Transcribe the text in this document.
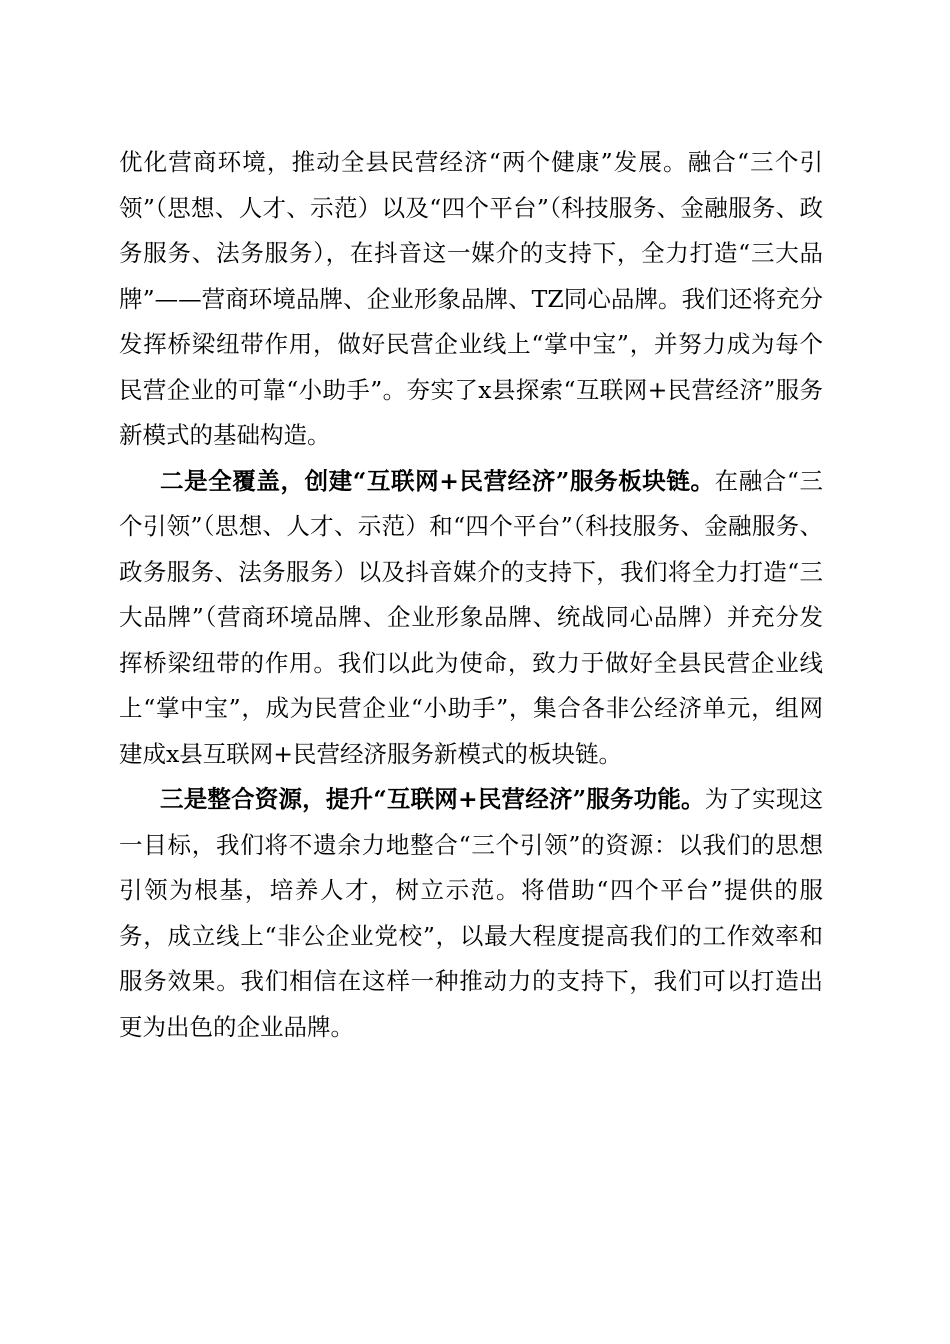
优化营商环境，推动全县民营经济“两个健康”发展。融合“三个引领”（思想、人才、示范）以及“四个平台”（科技服务、金融服务、政务服务、法务服务），在抖音这一媒介的支持下，全力打造“三大品牌”——营商环境品牌、企业形象品牌、TZ同心品牌。我们还将充分发挥桥梁纽带作用，做好民营企业线上“掌中宝”，并努力成为每个民营企业的可靠“小助手”。夯实了x县探索“互联网+民营经济”服务新模式的基础构造。

二是全覆盖，创建“互联网+民营经济”服务板块链。在融合“三个引领”（思想、人才、示范）和“四个平台”（科技服务、金融服务、政务服务、法务服务）以及抖音媒介的支持下，我们将全力打造“三大品牌”（营商环境品牌、企业形象品牌、统战同心品牌）并充分发挥桥梁纽带的作用。我们以此为使命，致力于做好全县民营企业线上“掌中宝”，成为民营企业“小助手”，集合各非公经济单元，组网建成x县互联网+民营经济服务新模式的板块链。

三是整合资源，提升“互联网+民营经济”服务功能。为了实现这一目标，我们将不遗余力地整合“三个引领”的资源：以我们的思想引领为根基，培养人才，树立示范。将借助“四个平台”提供的服务，成立线上“非公企业党校”，以最大程度提高我们的工作效率和服务效果。我们相信在这样一种推动力的支持下，我们可以打造出更为出色的企业品牌。
